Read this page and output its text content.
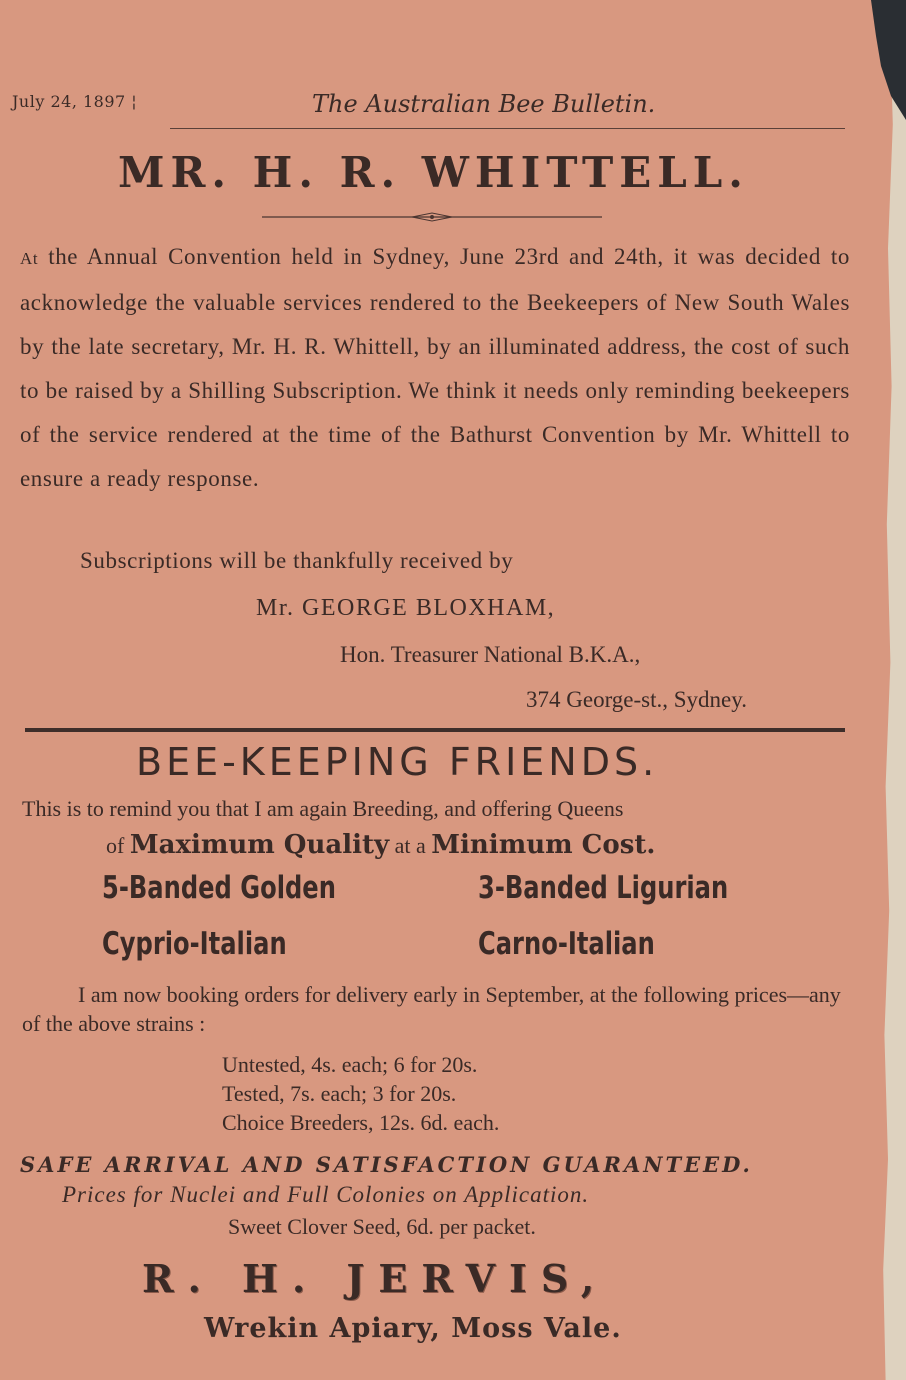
July 24, 1897 ¦	The Australian Bee Bulletin.
MR. H. R. WHITTELL.

At the Annual Convention held in Sydney, June 23rd and 24th, it was decided to acknowledge the valuable services rendered to the Beekeepers of New South Wales by the late secretary, Mr. H. R. Whittell, by an illuminated address, the cost of such to be raised by a Shilling Subscription. We think it needs only reminding beekeepers of the service rendered at the time of the Bathurst Convention by Mr. Whittell to ensure a ready response.

Subscriptions will be thankfully received by
Mr. GEORGE BLOXHAM,
Hon. Treasurer National B.K.A.,
374 George-st., Sydney.
BEE-KEEPING FRIENDS.
This is to remind you that I am again Breeding, and offering Queens
of Maximum Quality at a Minimum Cost.
5-Banded Golden	3-Banded Ligurian
Cyprio-Italian	Carno-Italian
I am now booking orders for delivery early in September, at the following prices—any of the above strains :
Untested, 4s. each; 6 for 20s.
Tested, 7s. each; 3 for 20s.
Choice Breeders, 12s. 6d. each.
SAFE ARRIVAL AND SATISFACTION GUARANTEED.
Prices for Nuclei and Full Colonies on Application.
Sweet Clover Seed, 6d. per packet.
R. H. JERVIS,
Wrekin Apiary, Moss Vale.
